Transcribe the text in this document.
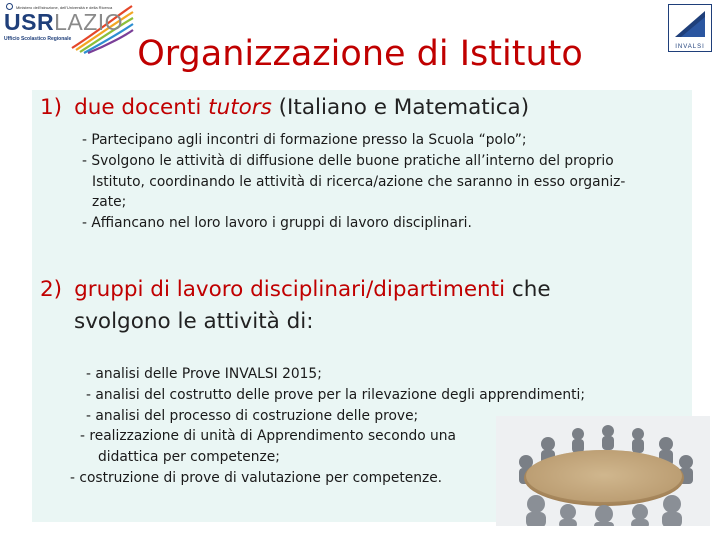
Ministero dell'Istruzione, dell'Università e della Ricerca
USRLAZIO
Ufficio Scolastico Regionale
INVALSI
Organizzazione di Istituto
1) due docenti tutors (Italiano e Matematica)
- Partecipano agli incontri di formazione presso la Scuola “polo”;
- Svolgono le attività di diffusione delle buone pratiche all’interno del proprio
Istituto, coordinando le attività di ricerca/azione che saranno in esso organiz-
zate;
- Affiancano nel loro lavoro i gruppi di lavoro disciplinari.
2) gruppi di lavoro disciplinari/dipartimenti che
svolgono le attività di:
- analisi delle Prove INVALSI 2015;
- analisi del costrutto delle prove per la rilevazione degli apprendimenti;
- analisi del processo di costruzione delle prove;
- realizzazione di unità di Apprendimento secondo una
didattica per competenze;
- costruzione di prove di valutazione per competenze.
